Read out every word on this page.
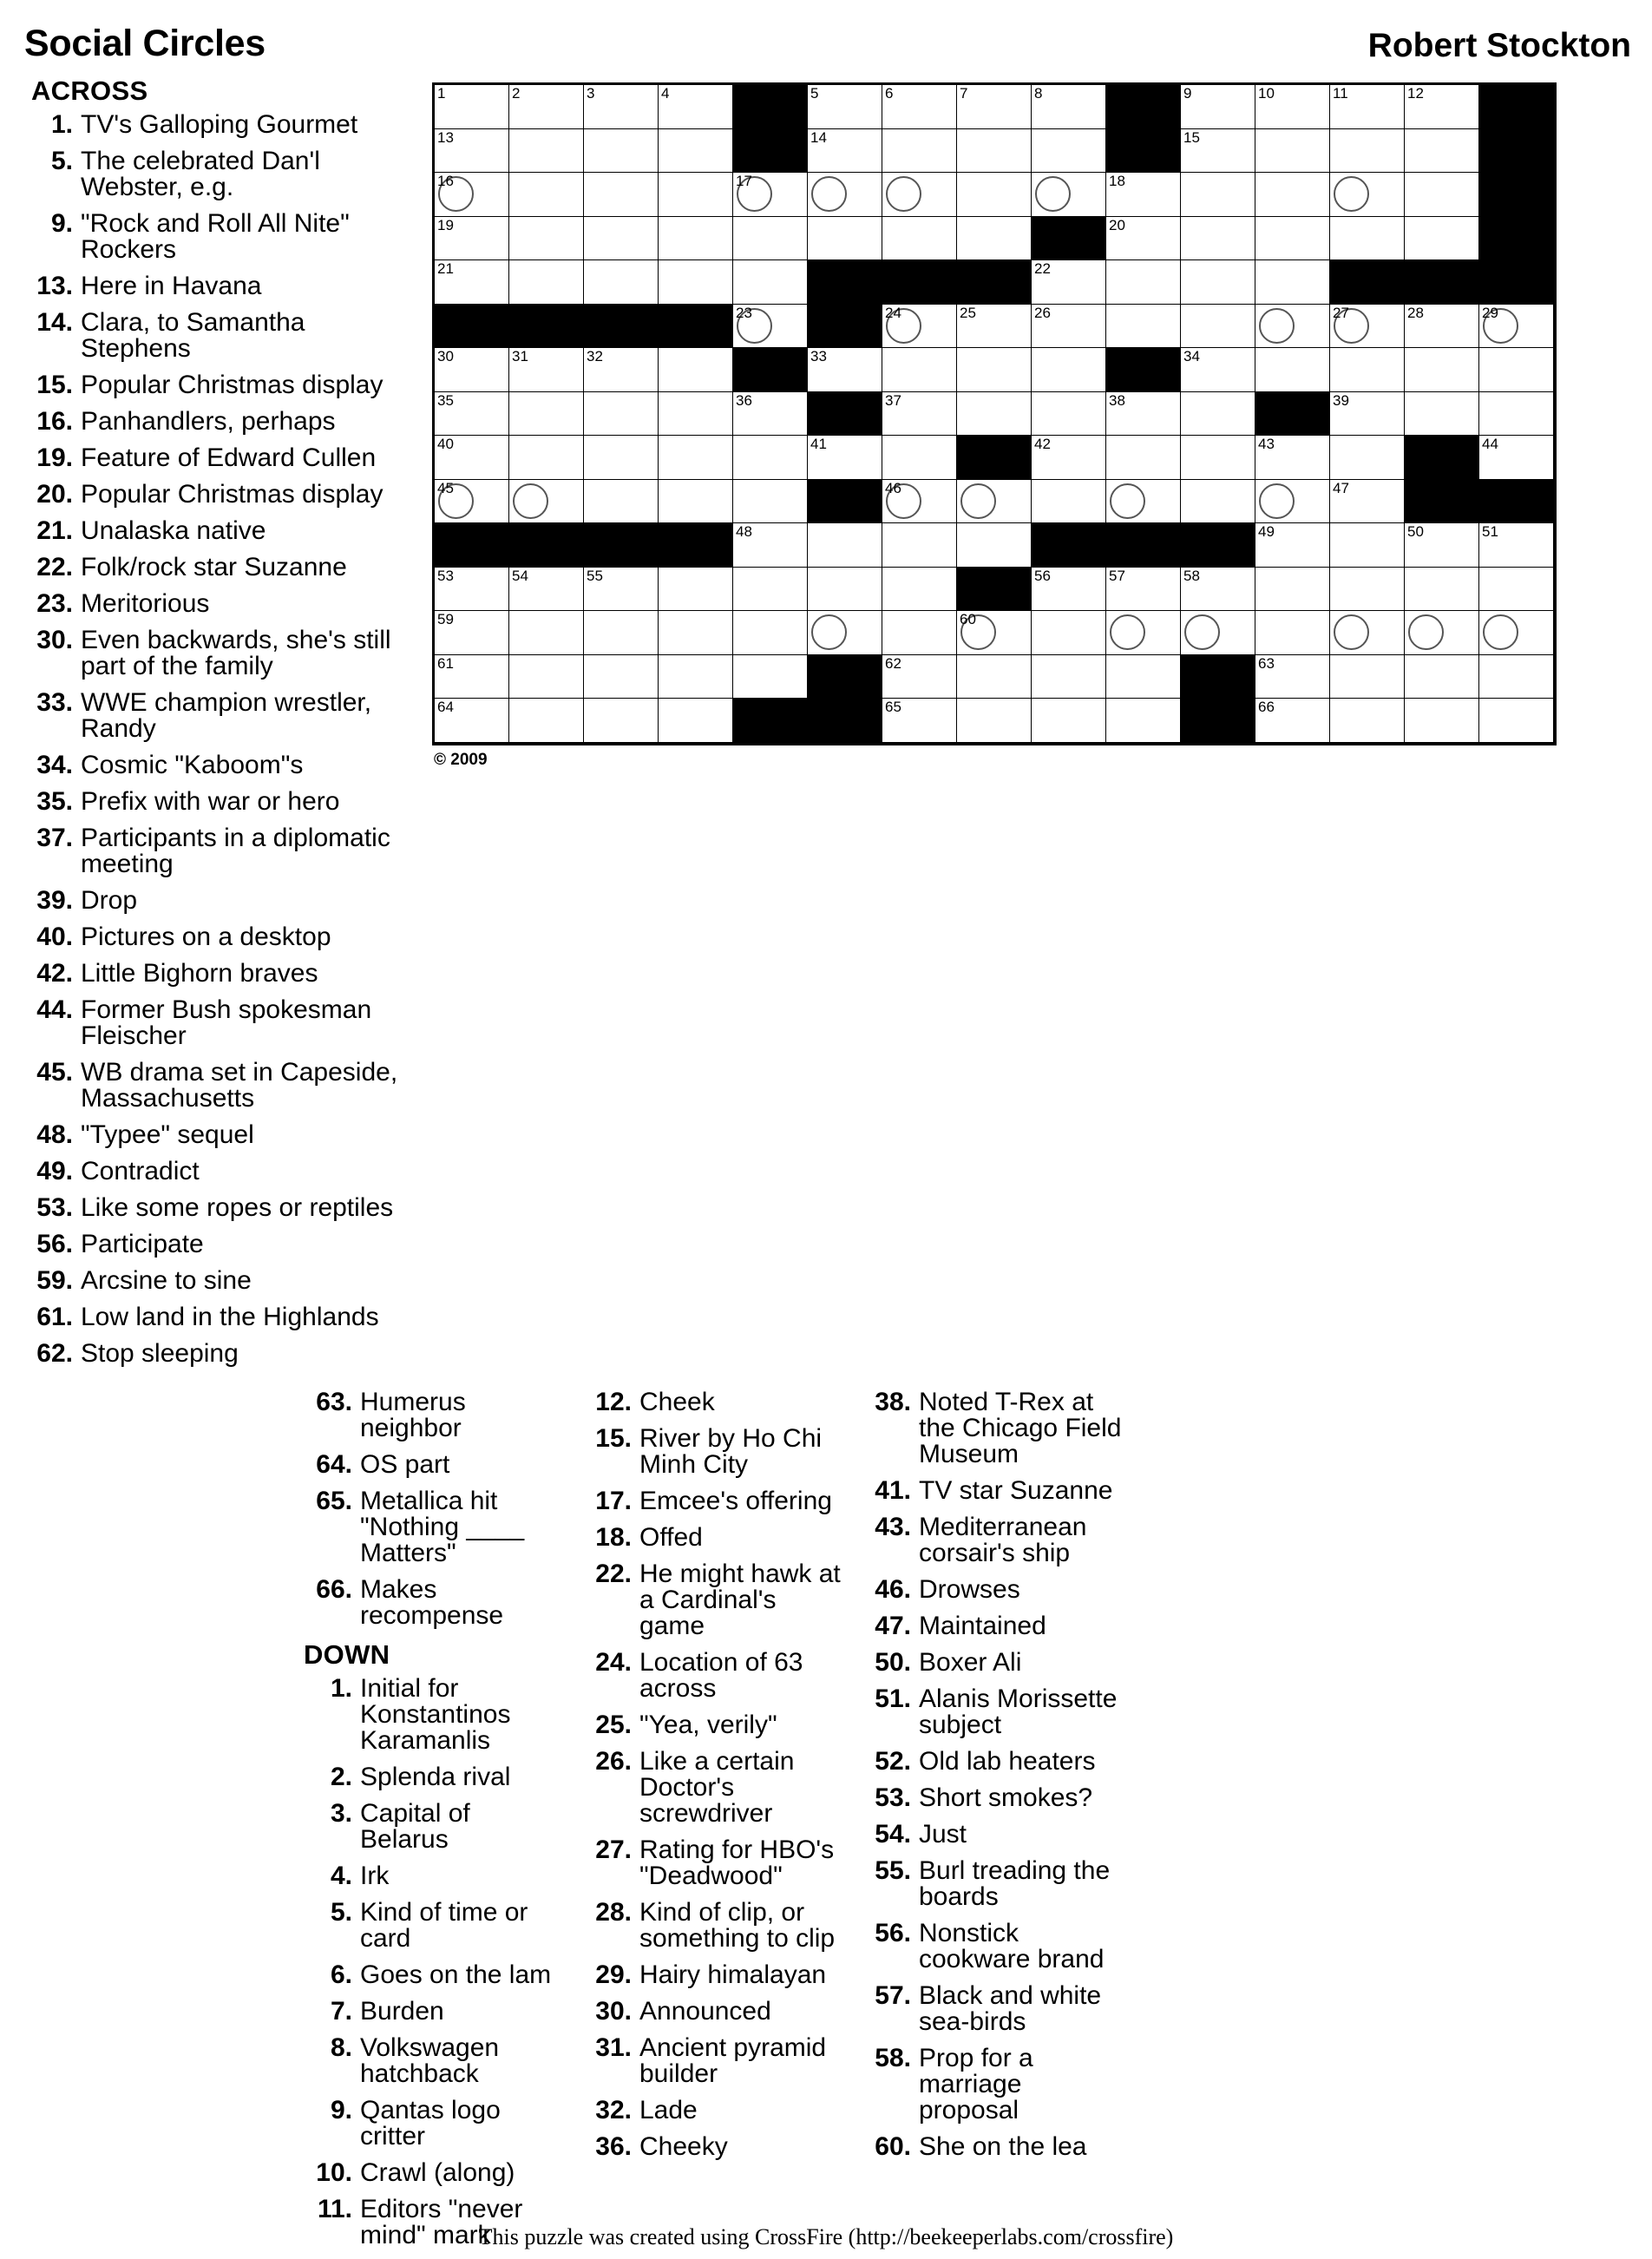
Social Circles	Robert Stockton
ACROSS
1. TV's Galloping Gourmet
5. The celebrated Dan'l Webster, e.g.
9. "Rock and Roll All Nite" Rockers
13. Here in Havana
14. Clara, to Samantha Stephens
15. Popular Christmas display
16. Panhandlers, perhaps
19. Feature of Edward Cullen
20. Popular Christmas display
21. Unalaska native
22. Folk/rock star Suzanne
23. Meritorious
30. Even backwards, she's still part of the family
33. WWE champion wrestler, Randy
34. Cosmic "Kaboom"s
35. Prefix with war or hero
37. Participants in a diplomatic meeting
39. Drop
40. Pictures on a desktop
42. Little Bighorn braves
44. Former Bush spokesman Fleischer
45. WB drama set in Capeside, Massachusetts
48. "Typee" sequel
49. Contradict
53. Like some ropes or reptiles
56. Participate
59. Arcsine to sine
61. Low land in the Highlands
62. Stop sleeping
1	2	3	4	5	6	7	8	9	10	11	12
13	14	15
16	17	18
19	20
21	22
23	24	25	26	27	28	29
30	31	32	33	34
35	36	37	38	39
40	41	42	43	44
45	46	47
48	49	50	51
53	54	55	56	57	58
59	60
61	62	63
64	65	66
© 2009
63. Humerus neighbor
64. OS part
65. Metallica hit "Nothing ____ Matters"
66. Makes recompense
DOWN
1. Initial for Konstantinos Karamanlis
2. Splenda rival
3. Capital of Belarus
4. Irk
5. Kind of time or card
6. Goes on the lam
7. Burden
8. Volkswagen hatchback
9. Qantas logo critter
10. Crawl (along)
11. Editors "never mind" mark
12. Cheek
15. River by Ho Chi Minh City
17. Emcee's offering
18. Offed
22. He might hawk at a Cardinal's game
24. Location of 63 across
25. "Yea, verily"
26. Like a certain Doctor's screwdriver
27. Rating for HBO's "Deadwood"
28. Kind of clip, or something to clip
29. Hairy himalayan
30. Announced
31. Ancient pyramid builder
32. Lade
36. Cheeky
38. Noted T-Rex at the Chicago Field Museum
41. TV star Suzanne
43. Mediterranean corsair's ship
46. Drowses
47. Maintained
50. Boxer Ali
51. Alanis Morissette subject
52. Old lab heaters
53. Short smokes?
54. Just
55. Burl treading the boards
56. Nonstick cookware brand
57. Black and white sea-birds
58. Prop for a marriage proposal
60. She on the lea
This puzzle was created using CrossFire (http://beekeeperlabs.com/crossfire)
